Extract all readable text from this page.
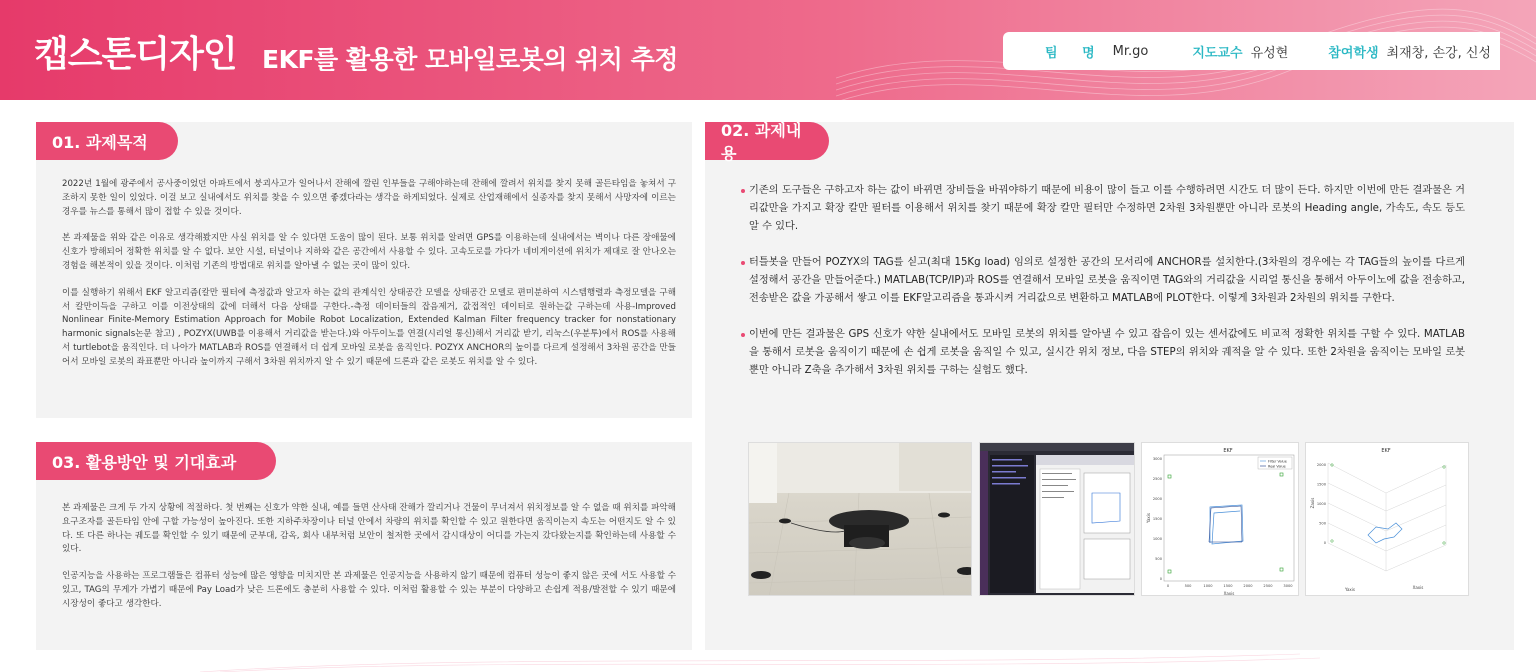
캡스톤디자인 EKF를 활용한 모바일로봇의 위치 추정	팀 명 Mr.go	지도교수 유성현	참여학생 최재창, 손강, 신성
01. 과제목적

2022년 1월에 광주에서 공사중이었던 아파트에서 붕괴사고가 일어나서 잔해에 깔린 인부들을 구해야하는데 잔해에 깔려서 위치를 찾지 못해 골든타임을 놓쳐서 구조하지 못한 일이 있었다. 이걸 보고 실내에서도 위치를 찾을 수 있으면 좋겠다라는 생각을 하게되었다. 실제로 산업재해에서 실종자를 찾지 못해서 사망자에 이르는 경우를 뉴스를 통해서 많이 접할 수 있을 것이다.

본 과제물을 위와 같은 이유로 생각해봤지만 사실 위치를 알 수 있다면 도움이 많이 된다. 보통 위치를 알려면 GPS를 이용하는데 실내에서는 벽이나 다른 장애물에 신호가 방해되어 정확한 위치를 알 수 없다. 보안 시설, 터널이나 지하와 같은 공간에서 사용할 수 있다. 고속도로를 가다가 네비게이션에 위치가 제대로 잘 안나오는 경험을 해본적이 있을 것이다. 이처럼 기존의 방법대로 위치를 알아낼 수 없는 곳이 많이 있다.

이를 실행하기 위해서 EKF 알고리즘(칼만 필터에 측정값과 알고자 하는 값의 관계식인 상태공간 모델을 상태공간 모델로 편미분하여 시스템행렬과 측정모델을 구해서 칼만이득을 구하고 이를 이전상태의 값에 더해서 다음 상태를 구한다.-측정 데이터들의 잡음제거, 값접적인 데이터로 원하는값 구하는데 사용-Improved Nonlinear Finite-Memory Estimation Approach for Mobile Robot Localization, Extended Kalman Filter frequency tracker for nonstationary harmonic signals논문 참고) , POZYX(UWB를 이용해서 거리값을 받는다.)와 아두이노를 연결(시리얼 통신)해서 거리값 받기, 리눅스(우분투)에서 ROS를 사용해서 turtlebot을 움직인다. 더 나아가 MATLAB과 ROS를 연결해서 더 쉽게 모바일 로봇을 움직인다. POZYX ANCHOR의 높이를 다르게 설정해서 3차원 공간을 만들어서 모바일 로봇의 좌표뿐만 아니라 높이까지 구해서 3차원 위치까지 알 수 있기 때문에 드론과 같은 로봇도 위치를 알 수 있다.

02. 과제내용
기존의 도구들은 구하고자 하는 값이 바뀌면 장비들을 바꿔야하기 때문에 비용이 많이 들고 이를 수행하려면 시간도 더 많이 든다. 하지만 이번에 만든 결과물은 거리값만을 가지고 확장 칼만 필터를 이용해서 위치를 찾기 때문에 확장 칼만 필터만 수정하면 2차원 3차원뿐만 아니라 로봇의 Heading angle, 가속도, 속도 등도 알 수 있다.
터틀봇을 만들어 POZYX의 TAG를 싣고(최대 15Kg load) 임의로 설정한 공간의 모서리에 ANCHOR를 설치한다.(3차원의 경우에는 각 TAG들의 높이를 다르게 설정해서 공간을 만들어준다.) MATLAB(TCP/IP)과 ROS를 연결해서 모바일 로봇을 움직이면 TAG와의 거리값을 시리얼 통신을 통해서 아두이노에 값을 전송하고, 전송받은 값을 가공해서 쌓고 이를 EKF알고리즘을 통과시켜 거리값으로 변환하고 MATLAB에 PLOT한다. 이렇게 3차원과 2차원의 위치를 구한다.
이번에 만든 결과물은 GPS 신호가 약한 실내에서도 모바일 로봇의 위치를 알아낼 수 있고 잡음이 있는 센서값에도 비교적 정확한 위치를 구할 수 있다. MATLAB을 통해서 로봇을 움직이기 때문에 손 쉽게 로봇을 움직일 수 있고, 실시간 위치 정보, 다음 STEP의 위치와 궤적을 알 수 있다. 또한 2차원을 움직이는 모바일 로봇뿐만 아니라 Z축을 추가해서 3차원 위치를 구하는 실험도 했다.
EKF
3000
2500
2000
1500
1000
500
0
0	500	1000	1500	2000	2500	3000
Yaxis
Xaxis
Filter Value
Real Value
EKF
2000
1500
1000
500
0
Zaxis
Yaxis	Xaxis
03. 활용방안 및 기대효과

본 과제물은 크게 두 가지 상황에 적절하다. 첫 번째는 신호가 약한 실내, 예를 들면 산사태 잔해가 깔리거나 건물이 무너져서 위치정보를 알 수 없을 때 위치를 파악해 요구조자를 골든타임 안에 구할 가능성이 높아진다. 또한 지하주차장이나 터널 안에서 차량의 위치를 확인할 수 있고 원한다면 움직이는지 속도는 어떤지도 알 수 있다. 또 다른 하나는 궤도를 확인할 수 있기 때문에 군부대, 감옥, 회사 내부처럼 보안이 철저한 곳에서 감시대상이 어디를 가는지 갔다왔는지를 확인하는데 사용할 수 있다.

인공지능을 사용하는 프로그램들은 컴퓨터 성능에 많은 영향을 미치지만 본 과제물은 인공지능을 사용하지 않기 때문에 컴퓨터 성능이 좋지 않은 곳에 서도 사용할 수 있고, TAG의 무게가 가볍기 때문에 Pay Load가 낮은 드론에도 충분히 사용할 수 있다. 이처럼 활용할 수 있는 부분이 다양하고 손쉽게 적용/발전할 수 있기 때문에 시장성이 좋다고 생각한다.
